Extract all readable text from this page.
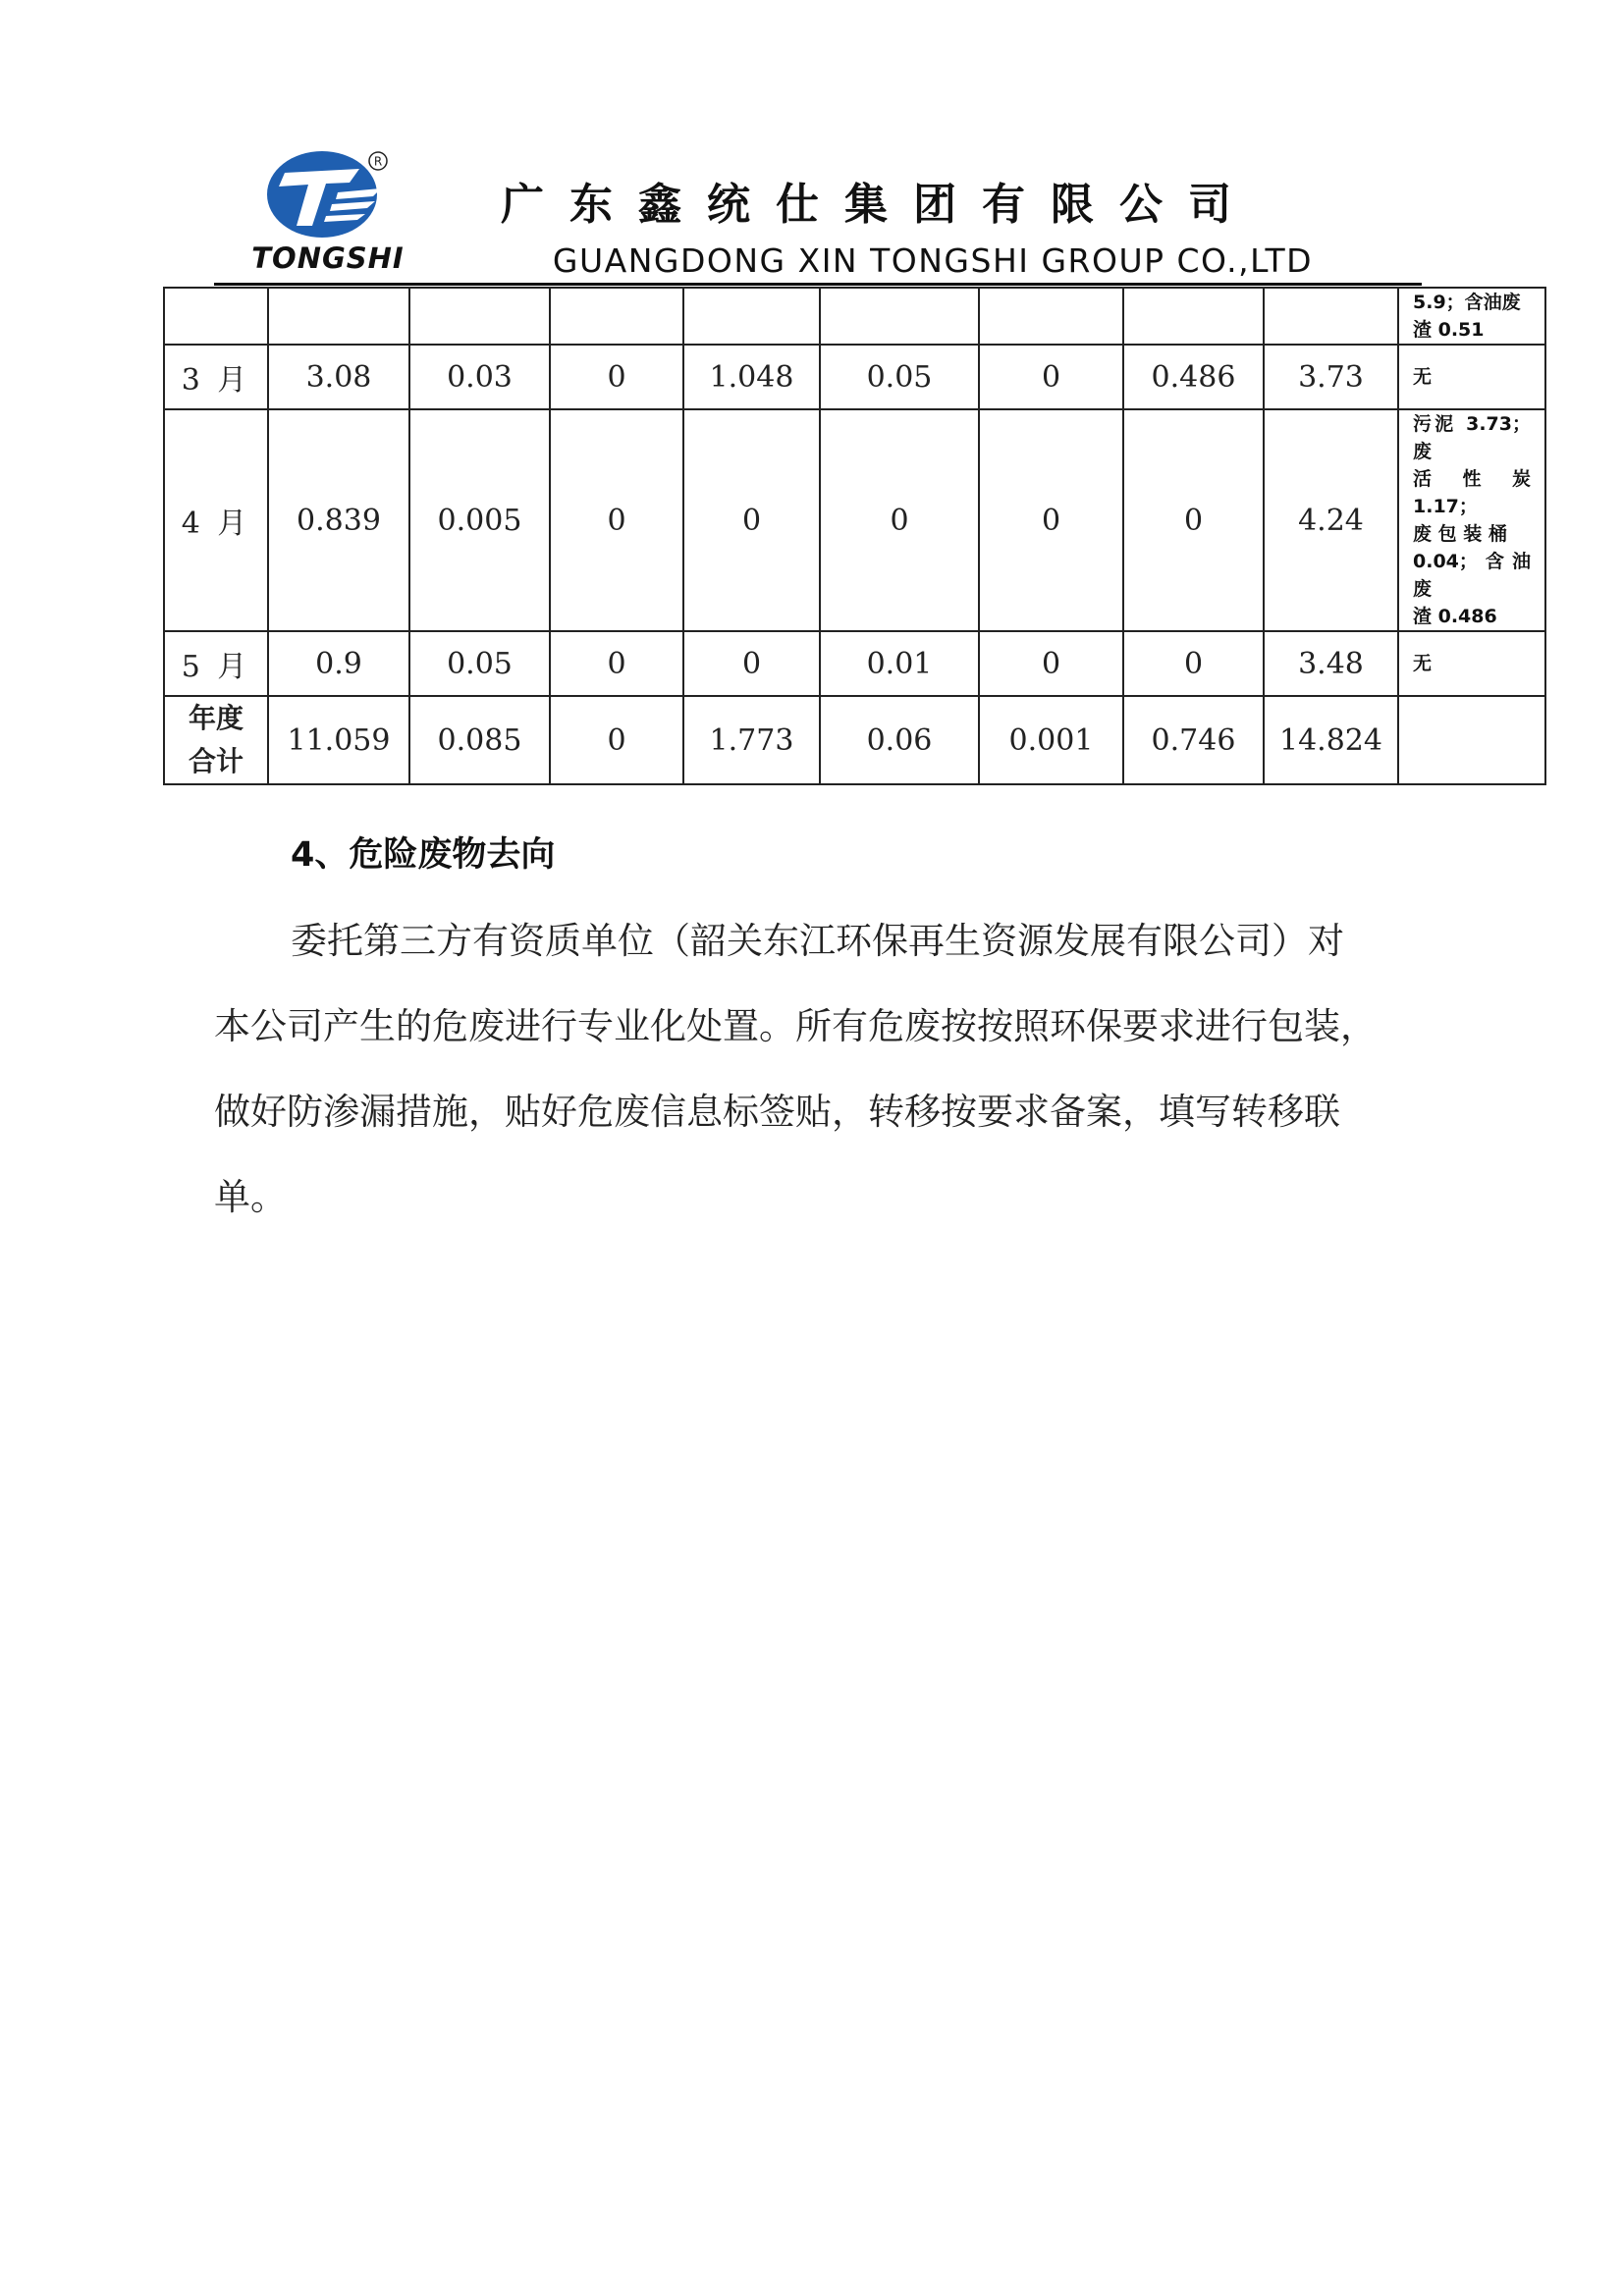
R
TONGSHI
广东鑫统仕集团有限公司
GUANGDONG XIN TONGSHI GROUP CO.,LTD

									5.9；含油废
渣 0.51

3 月	3.08	0.03	0	1.048	0.05	0	0.486	3.73	无

4 月	0.839	0.005	0	0	0	0	0	4.24	污泥 3.73；废
活性炭 1.17；
废 包 装 桶
0.04；含油废
渣 0.486

5 月	0.9	0.05	0	0	0.01	0	0	3.48	无

年度
合计	11.059	0.085	0	1.773	0.06	0.001	0.746	14.824	
4、危险废物去向
委托第三方有资质单位（韶关东江环保再生资源发展有限公司）对
本公司产生的危废进行专业化处置。所有危废按按照环保要求进行包装，
做好防渗漏措施，贴好危废信息标签贴，转移按要求备案，填写转移联
单。
